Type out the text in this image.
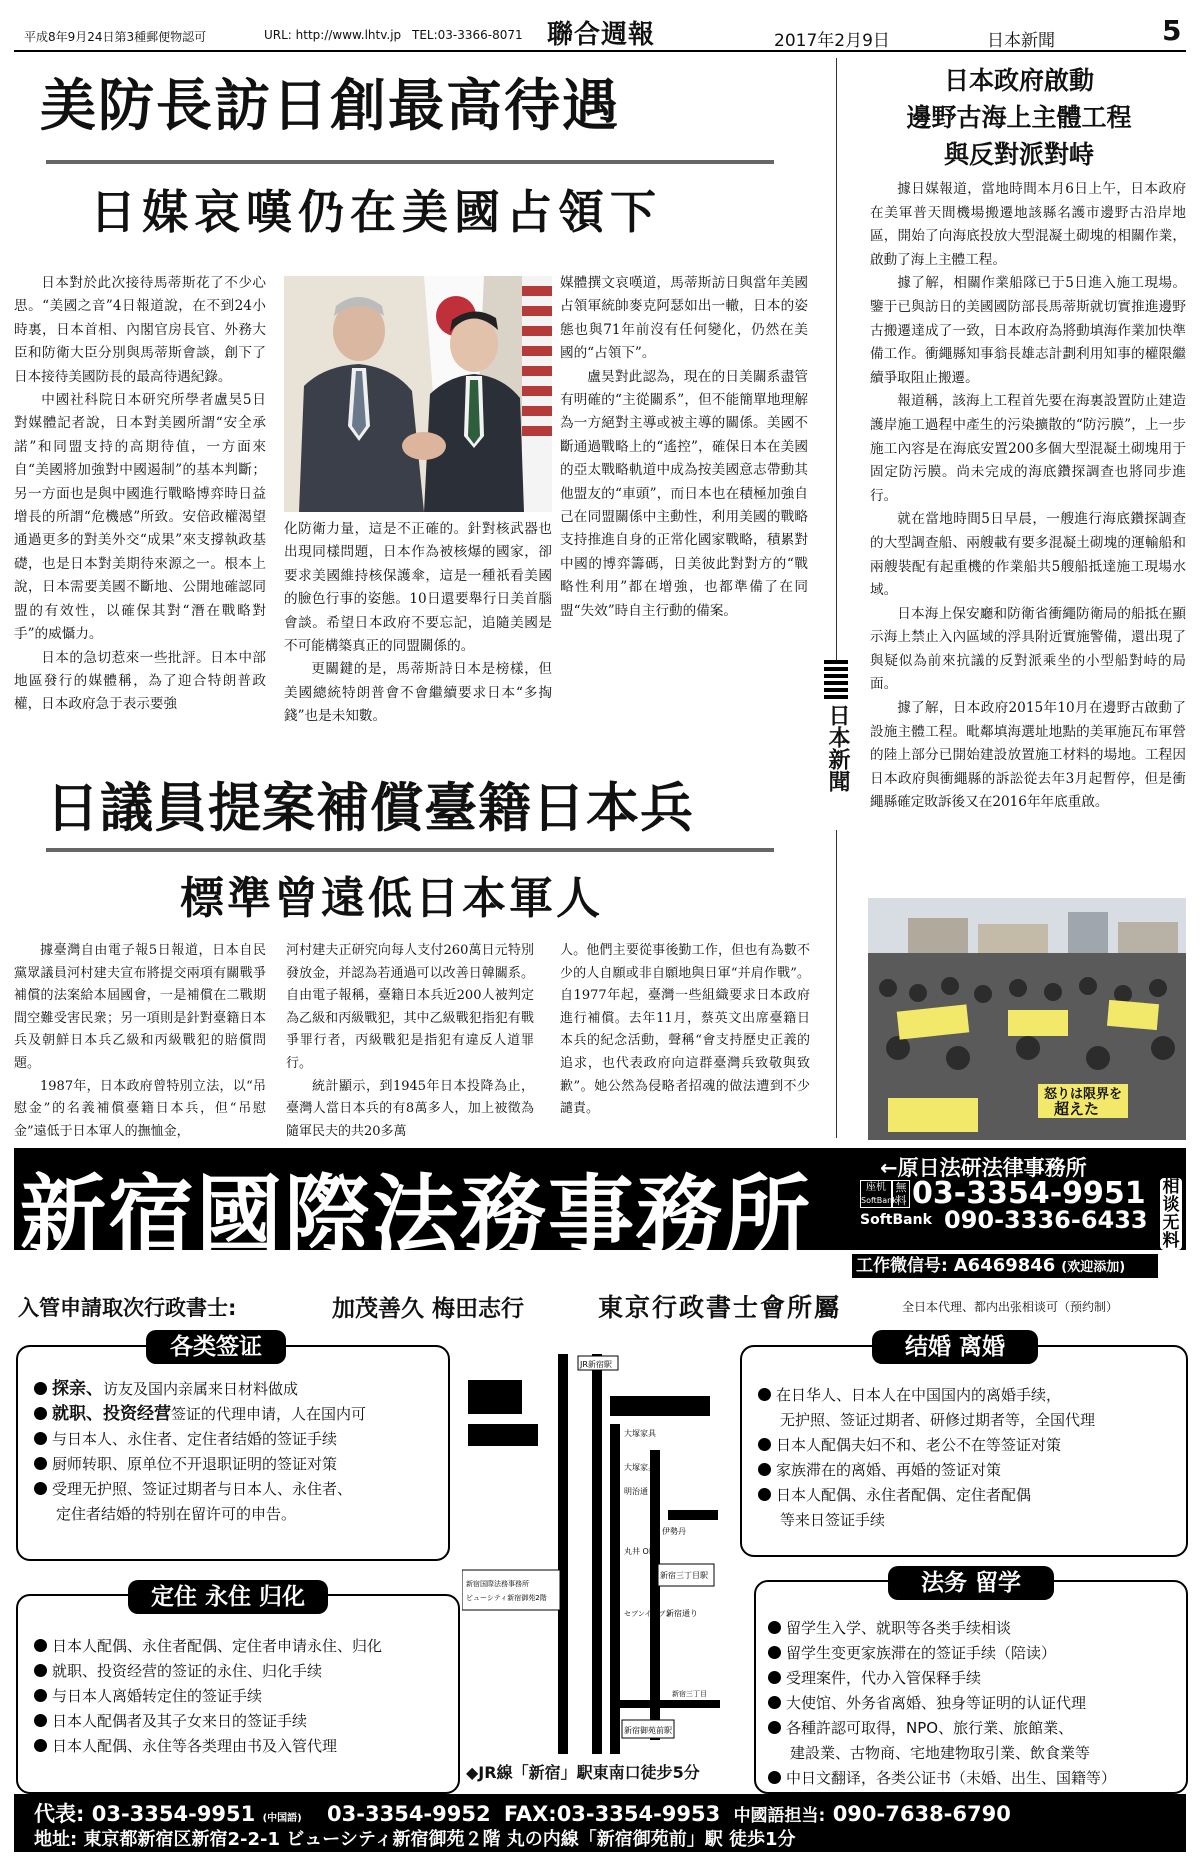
平成8年9月24日第3種郵便物認可	URL: http://www.lhtv.jp TEL:03-3366-8071 聯合週報	2017年2月9日	日本新聞	5
美防長訪日創最高待遇
日媒哀嘆仍在美國占領下

日本對於此次接待馬蒂斯花了不少心思。“美國之音”4日報道說，在不到24小時裏，日本首相、內閣官房長官、外務大臣和防衛大臣分別與馬蒂斯會談，創下了日本接待美國防長的最高待遇紀錄。

中國社科院日本研究所學者盧昊5日對媒體記者說，日本對美國所謂“安全承諾”和同盟支持的高期待值，一方面來自“美國將加強對中國遏制”的基本判斷；另一方面也是與中國進行戰略博弈時日益增長的所謂“危機感”所致。安倍政權渴望通過更多的對美外交“成果”來支撐執政基礎，也是日本對美期待來源之一。根本上說，日本需要美國不斷地、公開地確認同盟的有效性，以確保其對“潛在戰略對手”的威懾力。

日本的急切惹來一些批評。日本中部地區發行的媒體稱，為了迎合特朗普政權，日本政府急于表示要強

化防衛力量，這是不正確的。針對核武器也出現同樣問題，日本作為被核爆的國家，卻要求美國維持核保護傘，這是一種祇看美國的臉色行事的姿態。10日還要舉行日美首腦會談。希望日本政府不要忘記，追隨美國是不可能構築真正的同盟關係的。

更關鍵的是，馬蒂斯詩日本是榜樣，但美國總統特朗普會不會繼續要求日本“多掏錢”也是未知數。

媒體撰文哀嘆道，馬蒂斯訪日與當年美國占領軍統帥麥克阿瑟如出一轍，日本的姿態也與71年前沒有任何變化，仍然在美國的“占領下”。

盧昊對此認為，現在的日美關系盡管有明確的“主從關系”，但不能簡單地理解為一方絕對主導或被主導的關係。美國不斷通過戰略上的“遙控”，確保日本在美國的亞太戰略軌道中成為按美國意志帶動其他盟友的“車頭”，而日本也在積極加強自己在同盟關係中主動性，利用美國的戰略支持推進自身的正常化國家戰略，積累對中國的博弈籌碼，日美彼此對對方的“戰略性利用”都在增強，也都準備了在同盟“失效”時自主行動的備案。

日議員提案補償臺籍日本兵
標準曾遠低日本軍人

據臺灣自由電子報5日報道，日本自民黨眾議員河村建夫宣布將提交兩項有關戰爭補償的法案給本屆國會，一是補償在二戰期間空難受害民衆；另一項則是針對臺籍日本兵及朝鮮日本兵乙級和丙級戰犯的賠償問題。

1987年，日本政府曾特別立法，以“吊慰金”的名義補償臺籍日本兵，但“吊慰金”遠低于日本軍人的撫恤金，

河村建夫正研究向每人支付260萬日元特別發放金，并認為若通過可以改善日韓關系。自由電子報稱，臺籍日本兵近200人被判定為乙級和丙級戰犯，其中乙級戰犯指犯有戰爭罪行者，丙級戰犯是指犯有違反人道罪行。

統計顯示，到1945年日本投降為止，臺灣人當日本兵的有8萬多人，加上被徵為隨軍民夫的共20多萬

人。他們主要從事後勤工作，但也有為數不少的人自願或非自願地與日軍“并肩作戰”。自1977年起，臺灣一些組織要求日本政府進行補償。去年11月，蔡英文出席臺籍日本兵的紀念活動，聲稱“會支持歷史正義的追求，也代表政府向這群臺灣兵致敬與致歉”。她公然為侵略者招魂的做法遭到不少譴責。

日本新聞
日本政府啟動
邊野古海上主體工程
與反對派對峙

據日媒報道，當地時間本月6日上午，日本政府在美軍普天間機場搬遷地該縣名護市邊野古沿岸地區，開始了向海底投放大型混凝土砌塊的相關作業，啟動了海上主體工程。

據了解，相關作業船隊已于5日進入施工現場。鑒于已與訪日的美國國防部長馬蒂斯就切實推進邊野古搬遷達成了一致，日本政府為將動填海作業加快準備工作。衝繩縣知事翁長雄志計劃利用知事的權限繼續爭取阻止搬遷。

報道稱，該海上工程首先要在海裏設置防止建造護岸施工過程中產生的污染擴散的“防污膜”，上一步施工內容是在海底安置200多個大型混凝土砌塊用于固定防污膜。尚未完成的海底鑽探調查也將同步進行。

就在當地時間5日早晨，一艘進行海底鑽探調查的大型調查船、兩艘載有要多混凝土砌塊的運輸船和兩艘裝配有起重機的作業船共5艘船抵達施工現場水域。

日本海上保安廳和防衛省衝繩防衛局的船抵在顯示海上禁止入內區域的浮具附近實施警備，還出現了與疑似為前來抗議的反對派乘坐的小型船對峙的局面。

據了解，日本政府2015年10月在邊野古啟動了設施主體工程。毗鄰填海選址地點的美軍施瓦布軍營的陸上部分已開始建設放置施工材料的場地。工程因日本政府與衝繩縣的訴訟從去年3月起暫停，但是衝繩縣確定敗訴後又在2016年年底重啟。

怒りは限界を
超えた
新宿國際法務事務所	←原日法研法律事務所
座机
SoftBank
無料 03-3354-9951
SoftBank 090-3336-6433
相谈无料
工作微信号: A6469846 (欢迎添加)
入管申請取次行政書士:	加茂善久 梅田志行	東京行政書士會所屬	全日本代理、都内出张相谈可（预约制）
探亲、访友及国内亲属来日材料做成
就职、投资经营签证的代理申请，人在国内可
与日本人、永住者、定住者结婚的签证手续
厨师转职、原单位不开退职证明的签证对策
受理无护照、签证过期者与日本人、永住者、
定住者结婚的特别在留许可的申告。
各类签证
日本人配偶、永住者配偶、定住者申请永住、归化
就职、投资经营的签证的永住、归化手续
与日本人离婚转定住的签证手续
日本人配偶者及其子女来日的签证手续
日本人配偶、永住等各类理由书及入管代理
定住 永住 归化
JR新宿駅
大塚家具
大塚家具
明治通り
伊勢丹
丸井 OIOI
新宿三丁目駅
新宿国際法務事務所
ビューシティ新宿御苑2階
セブンイレブン
新宿通り
新宿御苑前駅
新宿三丁目
◆JR線「新宿」駅東南口徒步5分
在日华人、日本人在中国国内的离婚手续，
无护照、签证过期者、研修过期者等，全国代理
日本人配偶夫妇不和、老公不在等签证对策
家族滞在的离婚、再婚的签证对策
日本人配偶、永住者配偶、定住者配偶
等来日签证手续
结婚 离婚
留学生入学、就职等各类手续相谈
留学生变更家族滞在的签证手续（陪读）
受理案件，代办入管保释手续
大使馆、外务省离婚、独身等证明的认证代理
各種許認可取得，NPO、旅行業、旅館業、
建設業、古物商、宅地建物取引業、飲食業等
中日文翻译，各类公证书（未婚、出生、国籍等）
法务 留学
代表: 03-3354-9951 (中国語) 03-3354-9952 FAX:03-3354-9953 中國語担当: 090-7638-6790
地址: 東京都新宿区新宿2-2-1 ビューシティ新宿御苑２階 丸の内線「新宿御苑前」駅 徒歩1分
